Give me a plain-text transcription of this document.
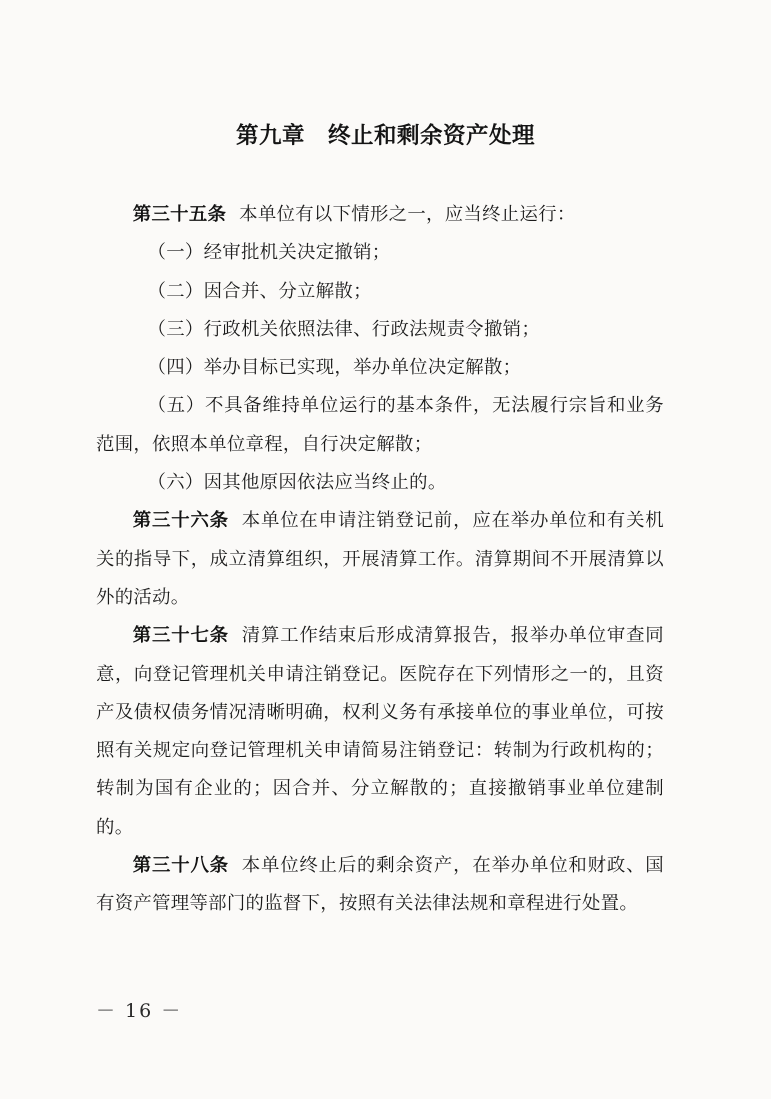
第九章　终止和剩余资产处理

第三十五条 本单位有以下情形之一，应当终止运行：

（一）经审批机关决定撤销；

（二）因合并、分立解散；

（三）行政机关依照法律、行政法规责令撤销；

（四）举办目标已实现，举办单位决定解散；

（五）不具备维持单位运行的基本条件，无法履行宗旨和业务范围，依照本单位章程，自行决定解散；

（六）因其他原因依法应当终止的。

第三十六条 本单位在申请注销登记前，应在举办单位和有关机关的指导下，成立清算组织，开展清算工作。清算期间不开展清算以外的活动。

第三十七条 清算工作结束后形成清算报告，报举办单位审查同意，向登记管理机关申请注销登记。医院存在下列情形之一的，且资产及债权债务情况清晰明确，权利义务有承接单位的事业单位，可按照有关规定向登记管理机关申请简易注销登记：转制为行政机构的；转制为国有企业的；因合并、分立解散的；直接撤销事业单位建制的。

第三十八条 本单位终止后的剩余资产，在举办单位和财政、国有资产管理等部门的监督下，按照有关法律法规和章程进行处置。

－ 16 －
